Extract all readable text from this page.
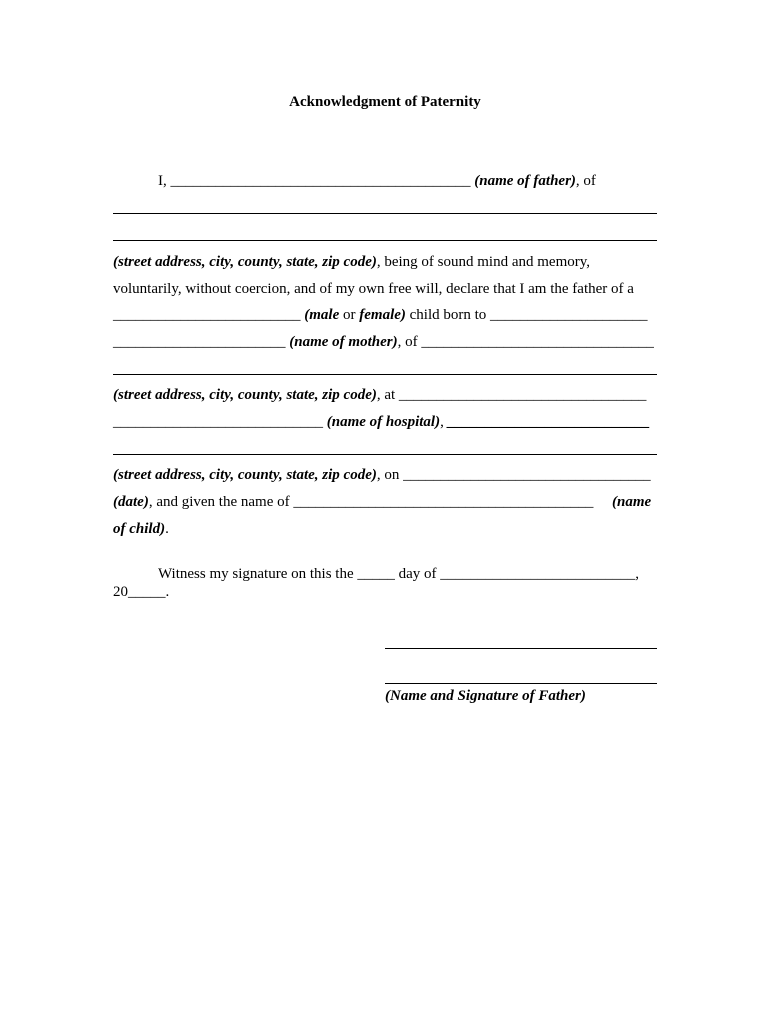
Acknowledgment of Paternity
I, ________________________________________ (name of father), of
(street address, city, county, state, zip code), being of sound mind and memory,
voluntarily, without coercion, and of my own free will, declare that I am the father of a
_________________________ (male or female) child born to _____________________
_______________________ (name of mother), of _______________________________
(street address, city, county, state, zip code), at _________________________________
____________________________ (name of hospital), ___________________________
(street address, city, county, state, zip code), on _________________________________
(date), and given the name of ________________________________________ (name
of child).
Witness my signature on this the _____ day of __________________________,
20_____.
(Name and Signature of Father)
